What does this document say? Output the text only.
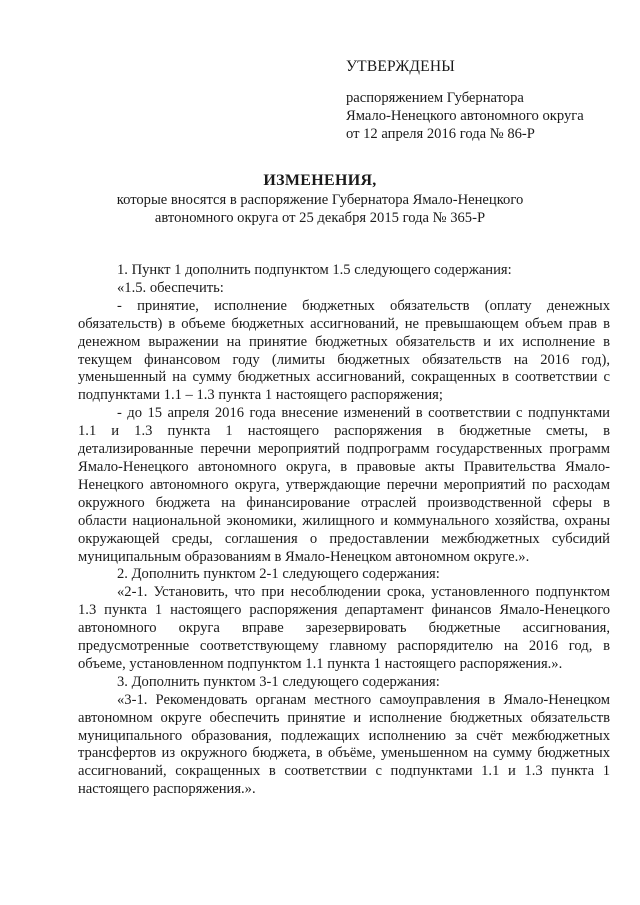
УТВЕРЖДЕНЫ
распоряжением Губернатора
Ямало-Ненецкого автономного округа
от 12 апреля 2016 года № 86-Р
ИЗМЕНЕНИЯ,
которые вносятся в распоряжение Губернатора Ямало-Ненецкого
автономного округа от 25 декабря 2015 года № 365-Р

1. Пункт 1 дополнить подпунктом 1.5 следующего содержания:

«1.5. обеспечить:

- принятие, исполнение бюджетных обязательств (оплату денежных обязательств) в объеме бюджетных ассигнований, не превышающем объем прав в денежном выражении на принятие бюджетных обязательств и их исполнение в текущем финансовом году (лимиты бюджетных обязательств на 2016 год), уменьшенный на сумму бюджетных ассигнований, сокращенных в соответствии с подпунктами 1.1 – 1.3 пункта 1 настоящего распоряжения;

- до 15 апреля 2016 года внесение изменений в соответствии с подпунктами 1.1 и 1.3 пункта 1 настоящего распоряжения в бюджетные сметы, в детализированные перечни мероприятий подпрограмм государственных программ Ямало-Ненецкого автономного округа, в правовые акты Правительства Ямало-Ненецкого автономного округа, утверждающие перечни мероприятий по расходам окружного бюджета на финансирование отраслей производственной сферы в области национальной экономики, жилищного и коммунального хозяйства, охраны окружающей среды, соглашения о предоставлении межбюджетных субсидий муниципальным образованиям в Ямало-Ненецком автономном округе.».

2. Дополнить пунктом 2-1 следующего содержания:

«2-1. Установить, что при несоблюдении срока, установленного подпунктом 1.3 пункта 1 настоящего распоряжения департамент финансов Ямало-Ненецкого автономного округа вправе зарезервировать бюджетные ассигнования, предусмотренные соответствующему главному распорядителю на 2016 год, в объеме, установленном подпунктом 1.1 пункта 1 настоящего распоряжения.».

3. Дополнить пунктом 3-1 следующего содержания:

«3-1. Рекомендовать органам местного самоуправления в Ямало-Ненецком автономном округе обеспечить принятие и исполнение бюджетных обязательств муниципального образования, подлежащих исполнению за счёт межбюджетных трансфертов из окружного бюджета, в объёме, уменьшенном на сумму бюджетных ассигнований, сокращенных в соответствии с подпунктами 1.1 и 1.3 пункта 1 настоящего распоряжения.».
